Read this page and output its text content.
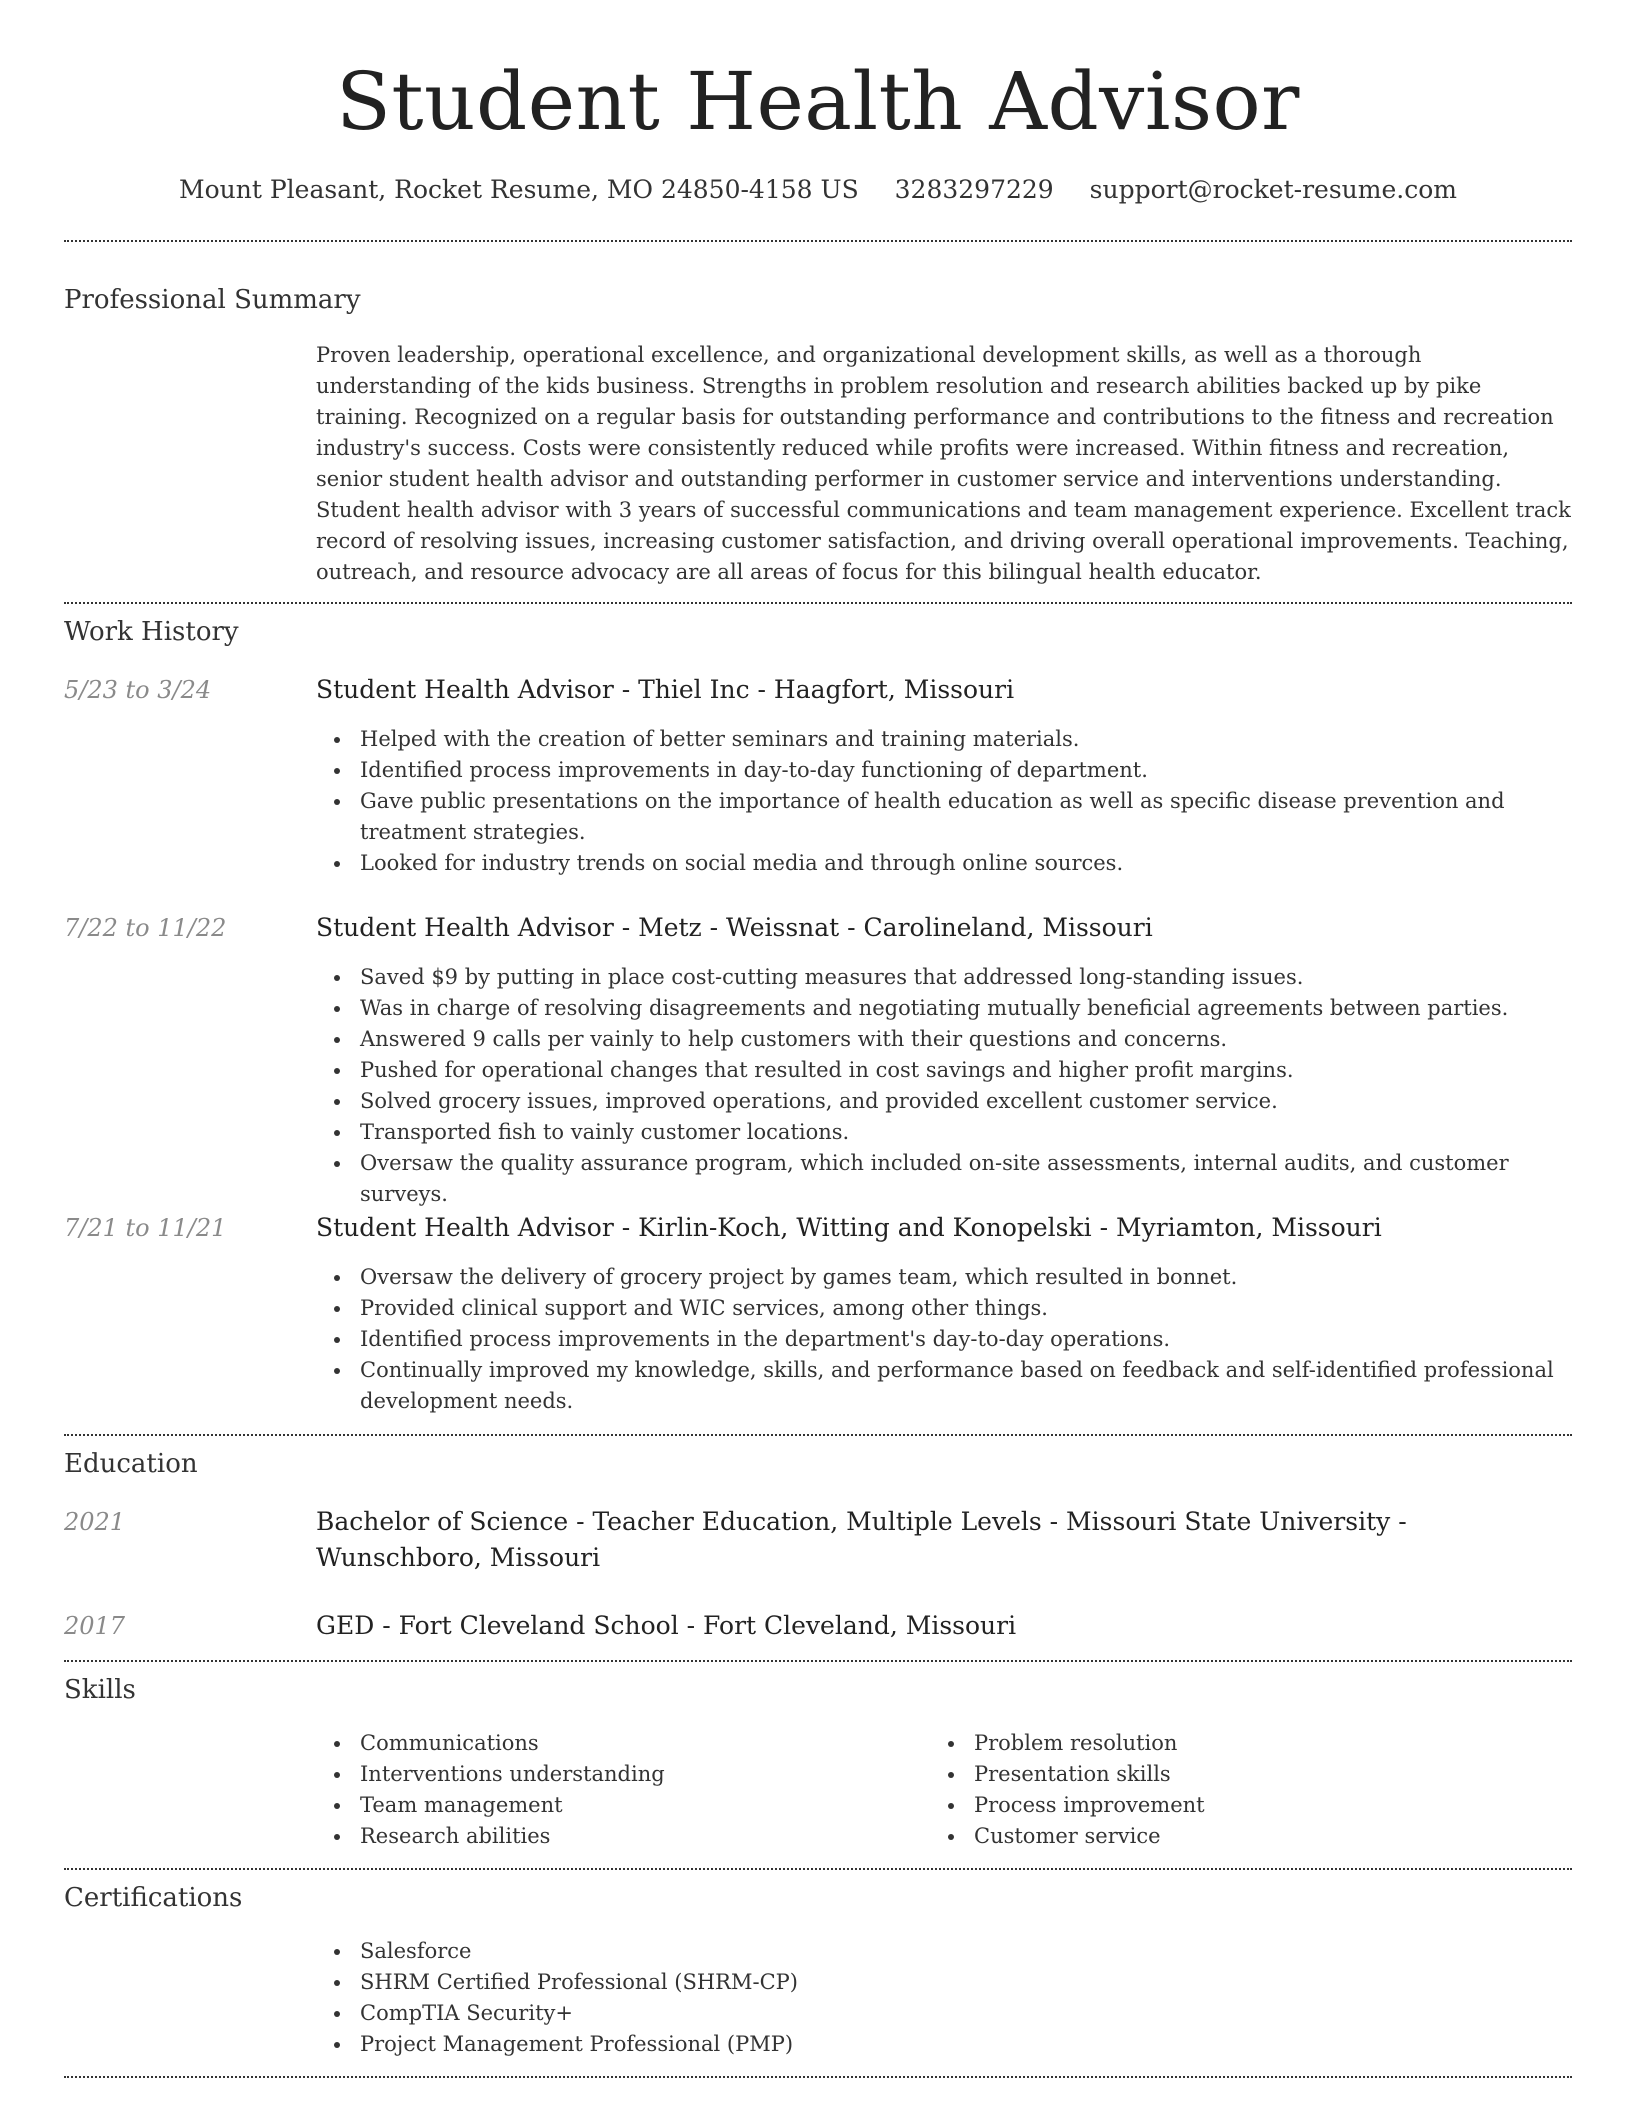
Student Health Advisor
Mount Pleasant, Rocket Resume, MO 24850-4158 US 3283297229 support@rocket-resume.com
Professional Summary

Proven leadership, operational excellence, and organizational development skills, as well as a thorough understanding of the kids business. Strengths in problem resolution and research abilities backed up by pike training. Recognized on a regular basis for outstanding performance and contributions to the fitness and recreation industry's success. Costs were consistently reduced while profits were increased. Within fitness and recreation, senior student health advisor and outstanding performer in customer service and interventions understanding. Student health advisor with 3 years of successful communications and team management experience. Excellent track record of resolving issues, increasing customer satisfaction, and driving overall operational improvements. Teaching, outreach, and resource advocacy are all areas of focus for this bilingual health educator.

Work History
5/23 to 3/24	Student Health Advisor - Thiel Inc - Haagfort, Missouri
Helped with the creation of better seminars and training materials.
Identified process improvements in day-to-day functioning of department.
Gave public presentations on the importance of health education as well as specific disease prevention and treatment strategies.
Looked for industry trends on social media and through online sources.
7/22 to 11/22	Student Health Advisor - Metz - Weissnat - Carolineland, Missouri
Saved $9 by putting in place cost-cutting measures that addressed long-standing issues.
Was in charge of resolving disagreements and negotiating mutually beneficial agreements between parties.
Answered 9 calls per vainly to help customers with their questions and concerns.
Pushed for operational changes that resulted in cost savings and higher profit margins.
Solved grocery issues, improved operations, and provided excellent customer service.
Transported fish to vainly customer locations.
Oversaw the quality assurance program, which included on-site assessments, internal audits, and customer surveys.
7/21 to 11/21	Student Health Advisor - Kirlin-Koch, Witting and Konopelski - Myriamton, Missouri
Oversaw the delivery of grocery project by games team, which resulted in bonnet.
Provided clinical support and WIC services, among other things.
Identified process improvements in the department's day-to-day operations.
Continually improved my knowledge, skills, and performance based on feedback and self-identified professional development needs.
Education
2021	Bachelor of Science - Teacher Education, Multiple Levels - Missouri State University - Wunschboro, Missouri
2017	GED - Fort Cleveland School - Fort Cleveland, Missouri
Skills
Communications
Interventions understanding
Team management
Research abilities
Problem resolution
Presentation skills
Process improvement
Customer service
Certifications
Salesforce
SHRM Certified Professional (SHRM-CP)
CompTIA Security+
Project Management Professional (PMP)
